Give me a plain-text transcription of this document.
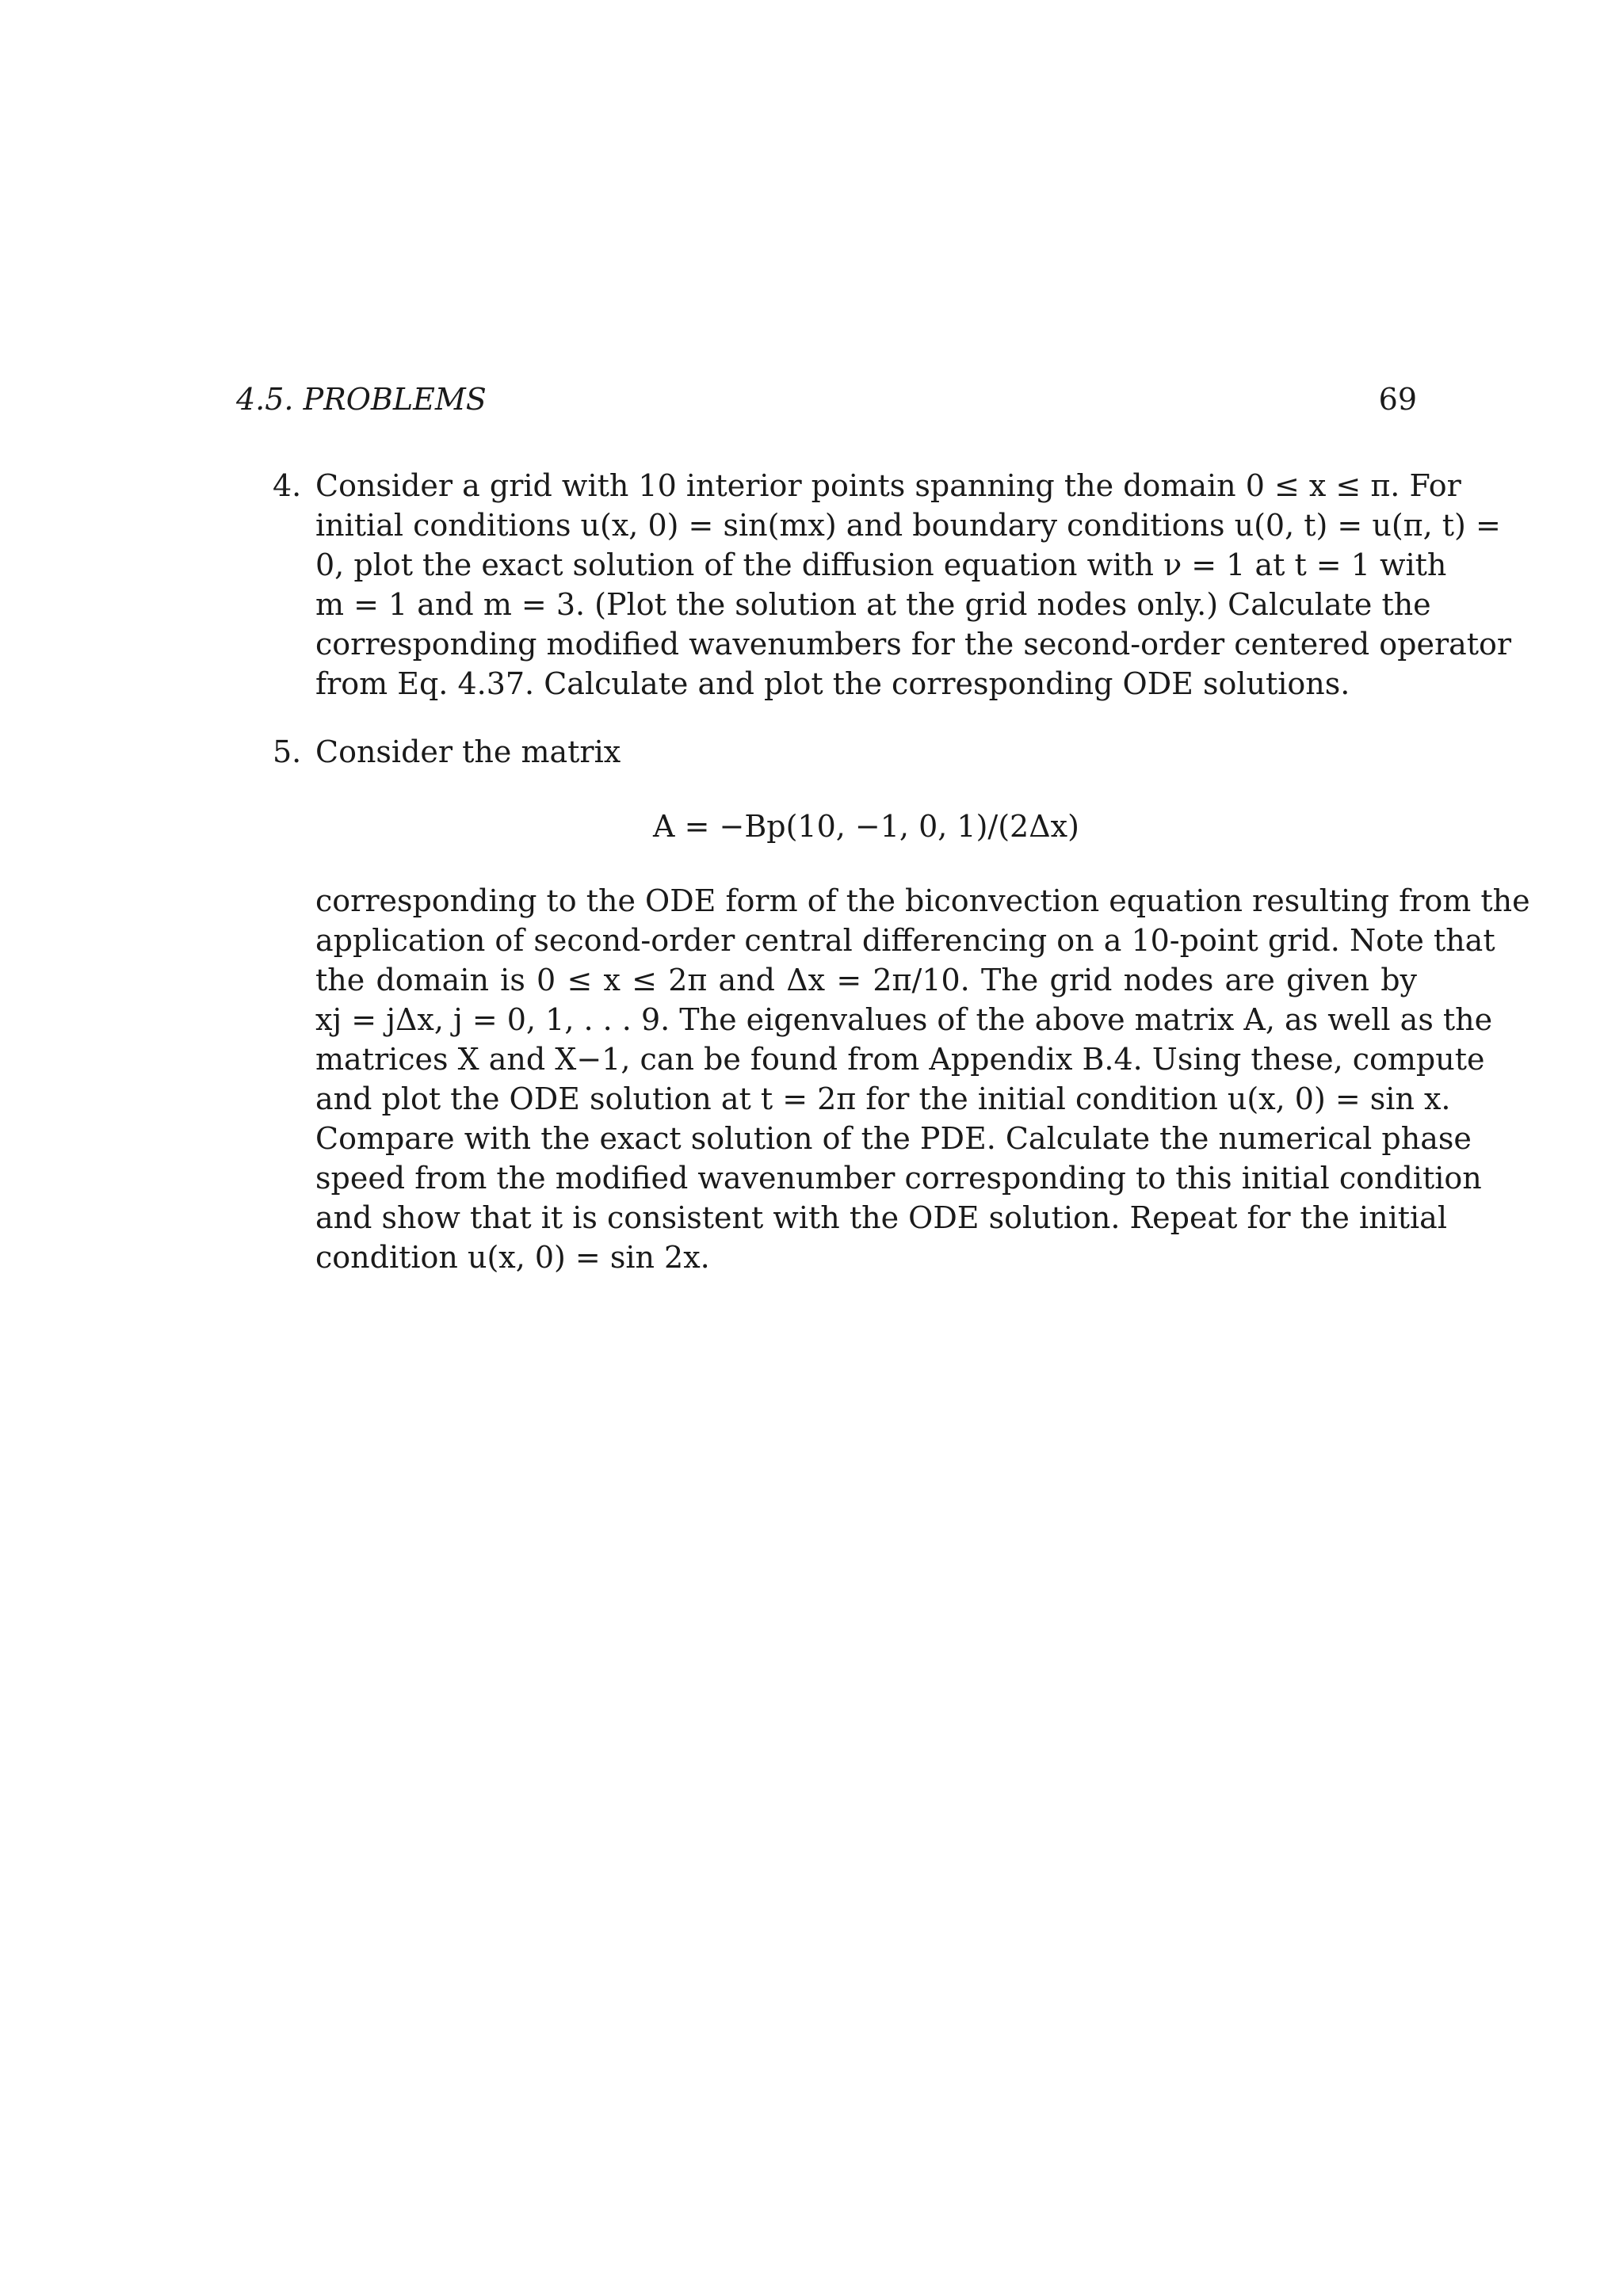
4.5. PROBLEMS	69
4. Consider a grid with 10 interior points spanning the domain 0 ≤ x ≤ π. For
initial conditions u(x, 0) = sin(mx) and boundary conditions u(0, t) = u(π, t) =
0, plot the exact solution of the diffusion equation with ν = 1 at t = 1 with
m = 1 and m = 3. (Plot the solution at the grid nodes only.) Calculate the
corresponding modified wavenumbers for the second-order centered operator
from Eq. 4.37. Calculate and plot the corresponding ODE solutions.
5. Consider the matrix
A = −Bp(10, −1, 0, 1)/(2Δx)
corresponding to the ODE form of the biconvection equation resulting from the
application of second-order central differencing on a 10-point grid. Note that
the domain is 0 ≤ x ≤ 2π and Δx = 2π/10. The grid nodes are given by
xj = jΔx, j = 0, 1, . . . 9. The eigenvalues of the above matrix A, as well as the
matrices X and X−1, can be found from Appendix B.4. Using these, compute
and plot the ODE solution at t = 2π for the initial condition u(x, 0) = sin x.
Compare with the exact solution of the PDE. Calculate the numerical phase
speed from the modified wavenumber corresponding to this initial condition
and show that it is consistent with the ODE solution. Repeat for the initial
condition u(x, 0) = sin 2x.
